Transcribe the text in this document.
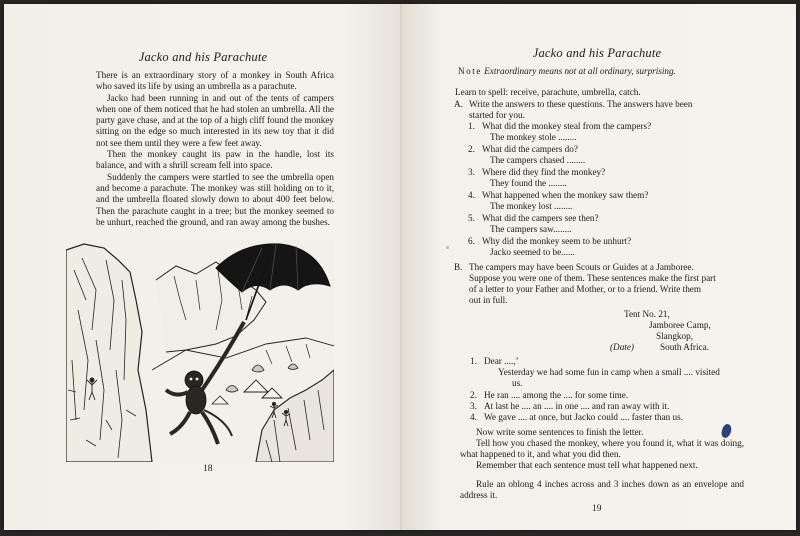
Jacko and his Parachute

There is an extraordinary story of a monkey in South Africa who saved its life by using an umbrella as a parachute.

Jacko had been running in and out of the tents of campers when one of them noticed that he had stolen an umbrella. All the party gave chase, and at the top of a high cliff found the monkey sitting on the edge so much interested in its new toy that it did not see them until they were a few feet away.

Then the monkey caught its paw in the handle, lost its balance, and with a shrill scream fell into space.

Suddenly the campers were startled to see the umbrella open and become a parachute. The monkey was still holding on to it, and the umbrella floated slowly down to about 400 feet below. Then the parachute caught in a tree; but the monkey seemed to be unhurt, reached the ground, and ran away among the bushes.

18
Jacko and his Parachute
Note Extraordinary means not at all ordinary, surprising.
Learn to spell: receive, parachute, umbrella, catch.
A. Write the answers to these questions. The answers have been
started for you.
1. What did the monkey steal from the campers?
The monkey stole ........
2. What did the campers do?
The campers chased ........
3. Where did they find the monkey?
They found the ........
4. What happened when the monkey saw them?
The monkey lost ........
5. What did the campers see then?
The campers saw........
6. Why did the monkey seem to be unhurt?
Jacko seemed to be......
B. The campers may have been Scouts or Guides at a Jamboree.
Suppose you were one of them. These sentences make the first part
of a letter to your Father and Mother, or to a friend. Write them
out in full.
Tent No. 21,
Jamboree Camp,
Slangkop,
(Date)	South Africa.
1. Dear ....,’
Yesterday we had some fun in camp when a small .... visited
us.
2. He ran .... among the .... for some time.
3. At last he .... an .... in one .... and ran away with it.
4. We gave .... at once, but Jacko could .... faster than us.
Now write some sentences to finish the letter.
Tell how you chased the monkey, where you found it, what it was doing, what happened to it, and what you did then.
Remember that each sentence must tell what happened next.
Rule an oblong 4 inches across and 3 inches down as an envelope and address it.
19
